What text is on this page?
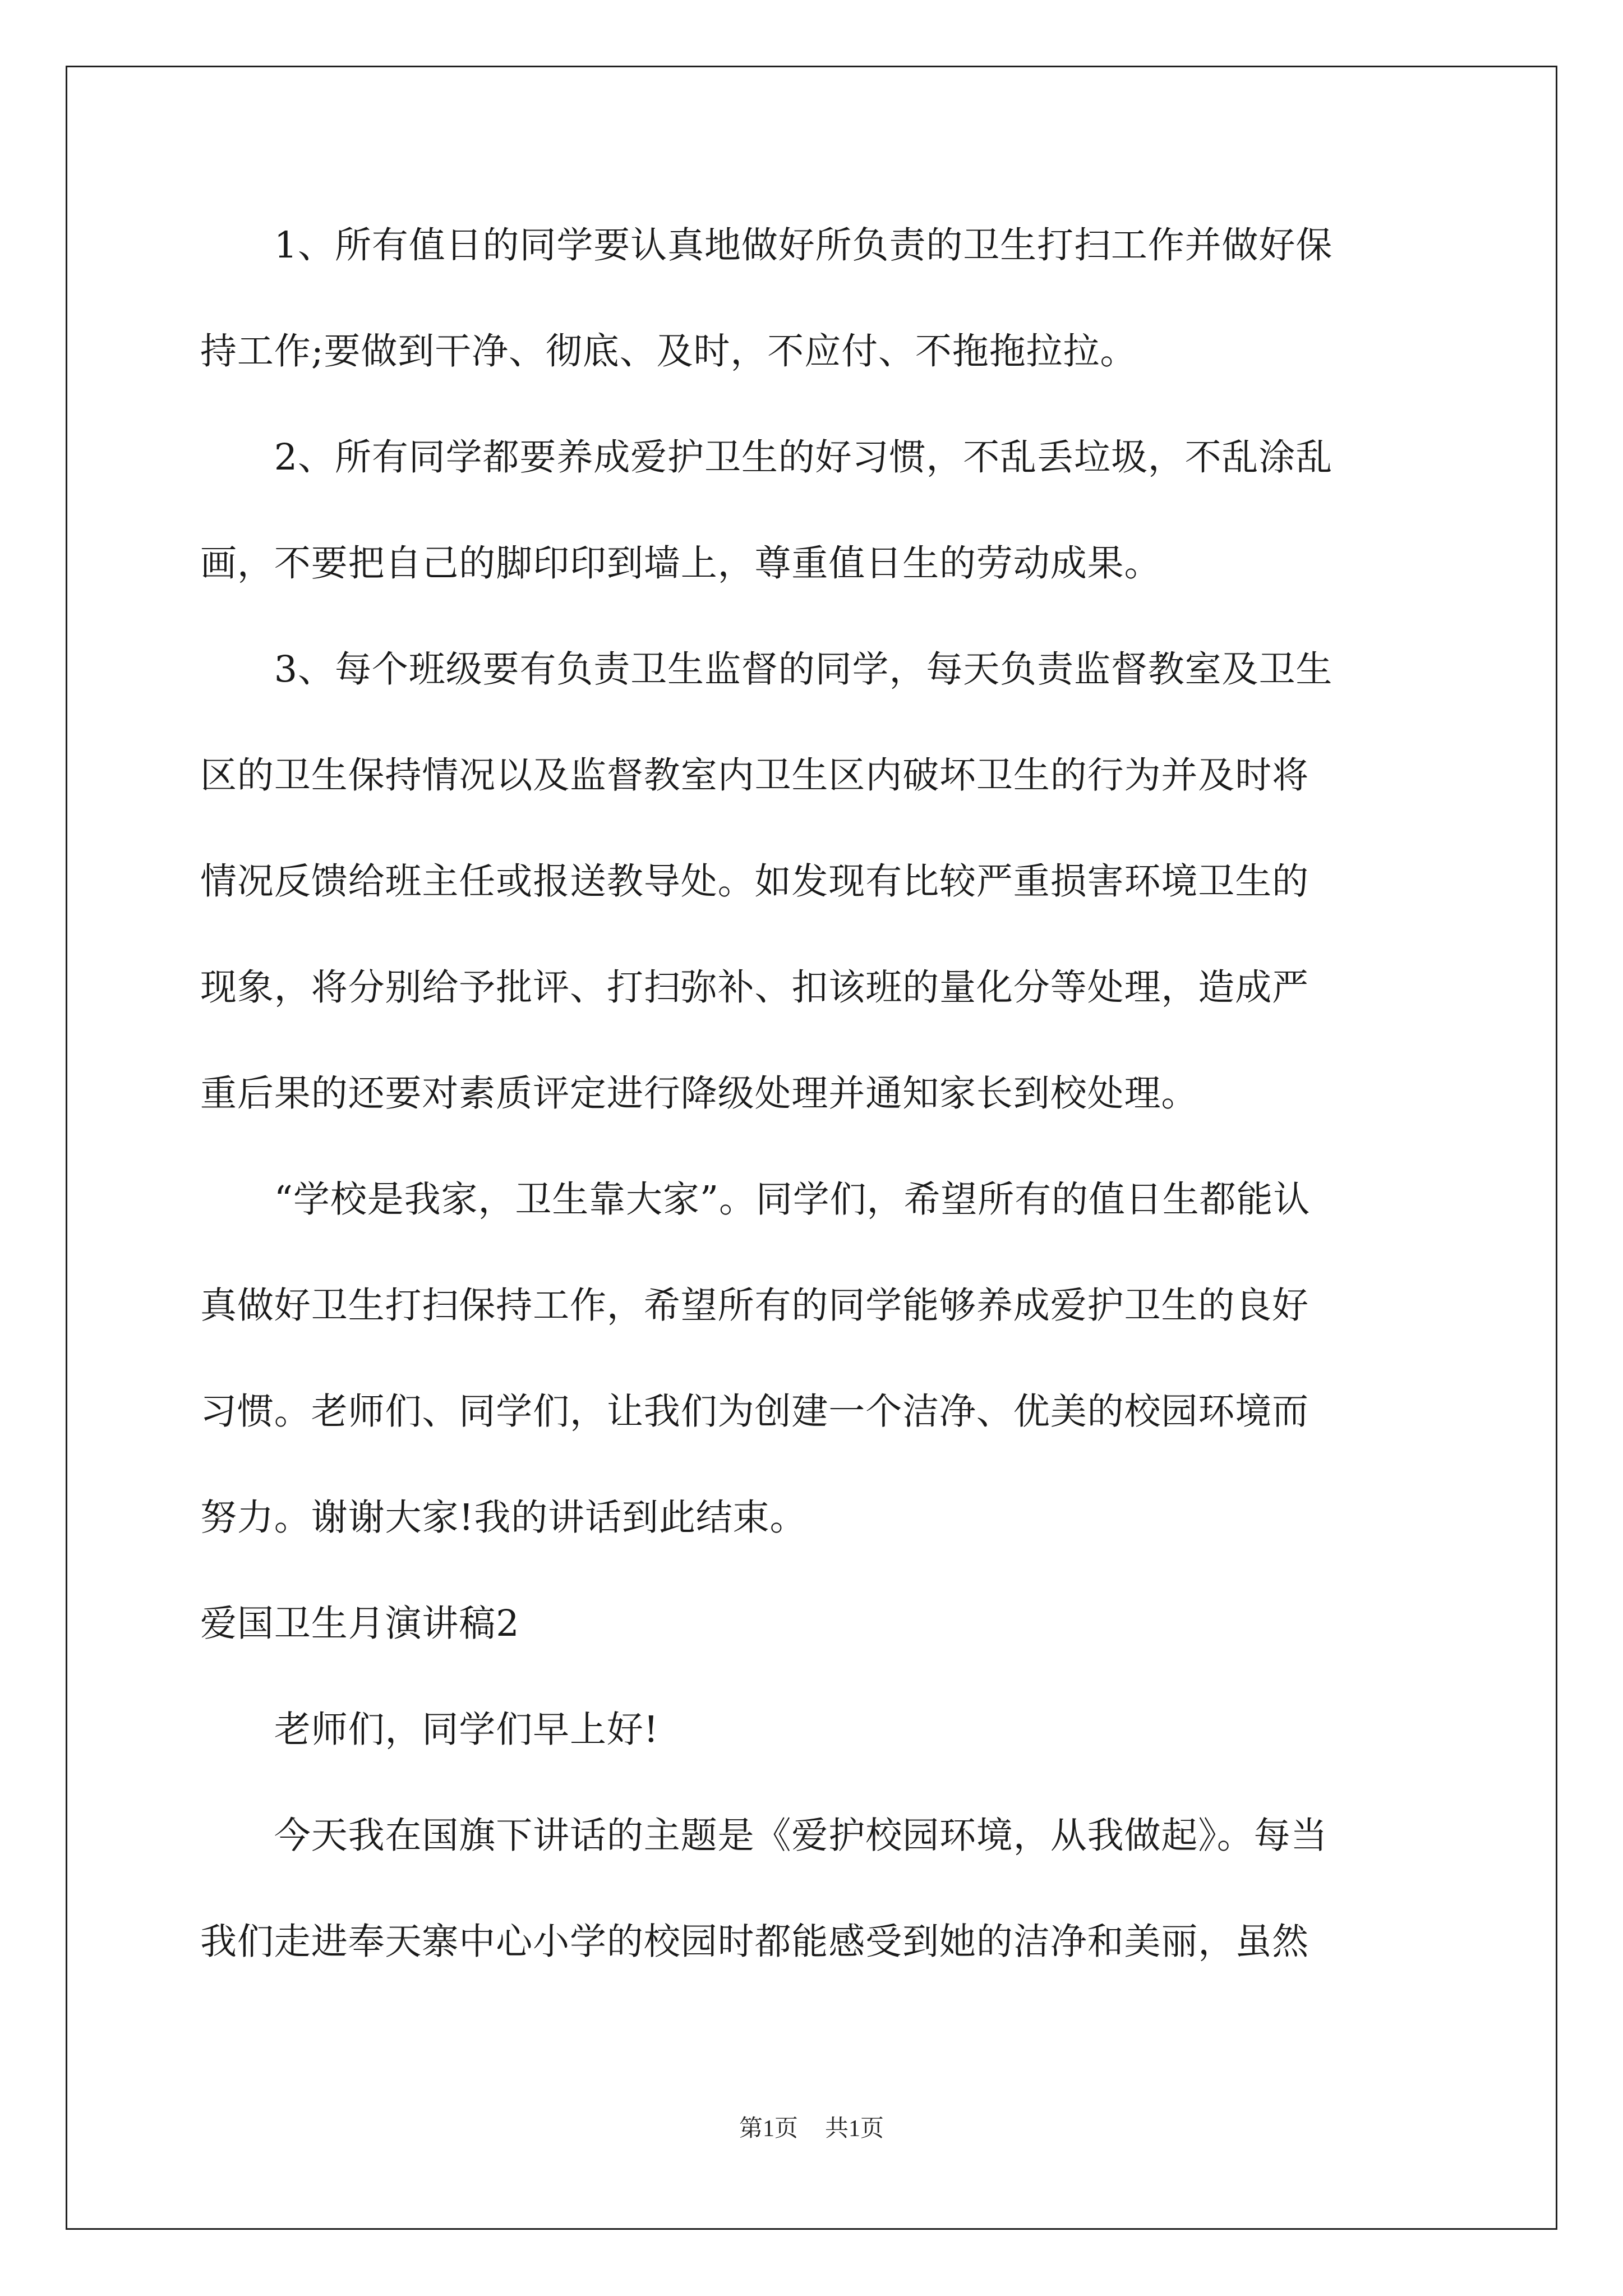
　　1、所有值日的同学要认真地做好所负责的卫生打扫工作并做好保
持工作;要做到干净、彻底、及时，不应付、不拖拖拉拉。
　　2、所有同学都要养成爱护卫生的好习惯，不乱丢垃圾，不乱涂乱
画，不要把自己的脚印印到墙上，尊重值日生的劳动成果。
　　3、每个班级要有负责卫生监督的同学，每天负责监督教室及卫生
区的卫生保持情况以及监督教室内卫生区内破坏卫生的行为并及时将
情况反馈给班主任或报送教导处。如发现有比较严重损害环境卫生的
现象，将分别给予批评、打扫弥补、扣该班的量化分等处理，造成严
重后果的还要对素质评定进行降级处理并通知家长到校处理。
　　“学校是我家，卫生靠大家”。同学们，希望所有的值日生都能认
真做好卫生打扫保持工作，希望所有的同学能够养成爱护卫生的良好
习惯。老师们、同学们，让我们为创建一个洁净、优美的校园环境而
努力。谢谢大家!我的讲话到此结束。
爱国卫生月演讲稿2
　　老师们，同学们早上好!
　　今天我在国旗下讲话的主题是《爱护校园环境，从我做起》。每当
我们走进奉天寨中心小学的校园时都能感受到她的洁净和美丽，虽然
第1页 共1页
